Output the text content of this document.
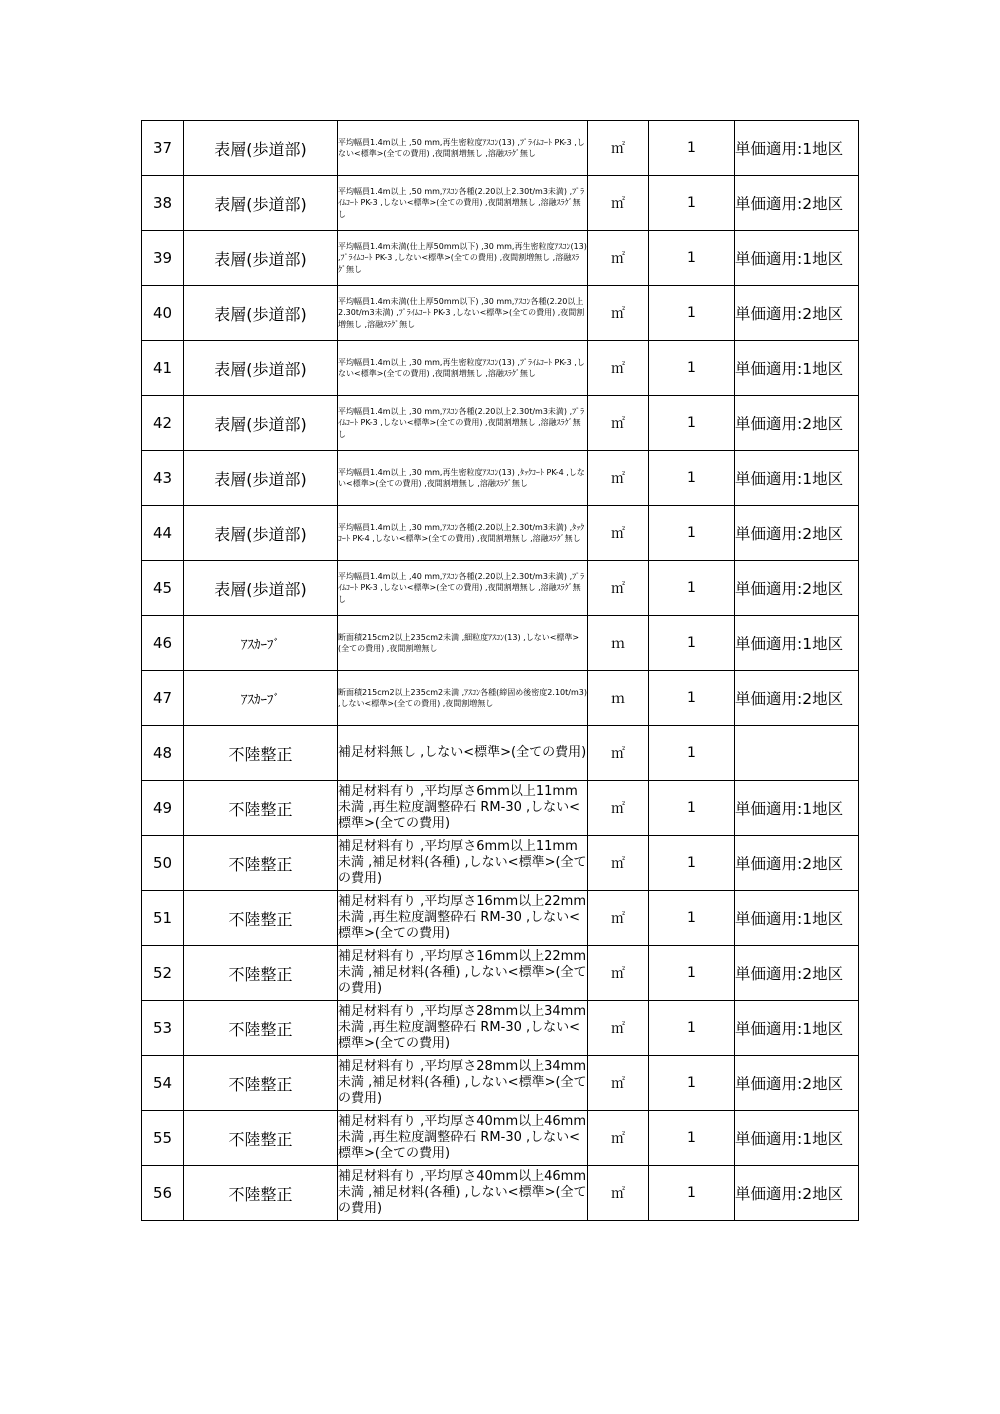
37	表層(歩道部)	平均幅員1.4m以上 ,50 mm,再生密粒度ｱｽｺﾝ(13) ,ﾌﾟﾗｲﾑｺｰﾄ PK-3 ,しない<標準>(全ての費用) ,夜間割増無し ,溶融ｽﾗｸﾞ無し	㎡	1	単価適用:1地区
38	表層(歩道部)	平均幅員1.4m以上 ,50 mm,ｱｽｺﾝ各種(2.20以上2.30t/m3未満) ,ﾌﾟﾗｲﾑｺｰﾄ PK-3 ,しない<標準>(全ての費用) ,夜間割増無し ,溶融ｽﾗｸﾞ無し	㎡	1	単価適用:2地区
39	表層(歩道部)	平均幅員1.4m未満(仕上厚50mm以下) ,30 mm,再生密粒度ｱｽｺﾝ(13) ,ﾌﾟﾗｲﾑｺｰﾄ PK-3 ,しない<標準>(全ての費用) ,夜間割増無し ,溶融ｽﾗｸﾞ無し	㎡	1	単価適用:1地区
40	表層(歩道部)	平均幅員1.4m未満(仕上厚50mm以下) ,30 mm,ｱｽｺﾝ各種(2.20以上2.30t/m3未満) ,ﾌﾟﾗｲﾑｺｰﾄ PK-3 ,しない<標準>(全ての費用) ,夜間割増無し ,溶融ｽﾗｸﾞ無し	㎡	1	単価適用:2地区
41	表層(歩道部)	平均幅員1.4m以上 ,30 mm,再生密粒度ｱｽｺﾝ(13) ,ﾌﾟﾗｲﾑｺｰﾄ PK-3 ,しない<標準>(全ての費用) ,夜間割増無し ,溶融ｽﾗｸﾞ無し	㎡	1	単価適用:1地区
42	表層(歩道部)	平均幅員1.4m以上 ,30 mm,ｱｽｺﾝ各種(2.20以上2.30t/m3未満) ,ﾌﾟﾗｲﾑｺｰﾄ PK-3 ,しない<標準>(全ての費用) ,夜間割増無し ,溶融ｽﾗｸﾞ無し	㎡	1	単価適用:2地区
43	表層(歩道部)	平均幅員1.4m以上 ,30 mm,再生密粒度ｱｽｺﾝ(13) ,ﾀｯｸｺｰﾄ PK-4 ,しない<標準>(全ての費用) ,夜間割増無し ,溶融ｽﾗｸﾞ無し	㎡	1	単価適用:1地区
44	表層(歩道部)	平均幅員1.4m以上 ,30 mm,ｱｽｺﾝ各種(2.20以上2.30t/m3未満) ,ﾀｯｸｺｰﾄ PK-4 ,しない<標準>(全ての費用) ,夜間割増無し ,溶融ｽﾗｸﾞ無し	㎡	1	単価適用:2地区
45	表層(歩道部)	平均幅員1.4m以上 ,40 mm,ｱｽｺﾝ各種(2.20以上2.30t/m3未満) ,ﾌﾟﾗｲﾑｺｰﾄ PK-3 ,しない<標準>(全ての費用) ,夜間割増無し ,溶融ｽﾗｸﾞ無し	㎡	1	単価適用:2地区
46	ｱｽｶｰﾌﾞ	断面積215cm2以上235cm2未満 ,細粒度ｱｽｺﾝ(13) ,しない<標準>(全ての費用) ,夜間割増無し	ｍ	1	単価適用:1地区
47	ｱｽｶｰﾌﾞ	断面積215cm2以上235cm2未満 ,ｱｽｺﾝ各種(締固め後密度2.10t/m3) ,しない<標準>(全ての費用) ,夜間割増無し	ｍ	1	単価適用:2地区
48	不陸整正	補足材料無し ,しない<標準>(全ての費用)	㎡	1	
49	不陸整正	補足材料有り ,平均厚さ6mm以上11mm未満 ,再生粒度調整砕石 RM-30 ,しない<標準>(全ての費用)	㎡	1	単価適用:1地区
50	不陸整正	補足材料有り ,平均厚さ6mm以上11mm未満 ,補足材料(各種) ,しない<標準>(全ての費用)	㎡	1	単価適用:2地区
51	不陸整正	補足材料有り ,平均厚さ16mm以上22mm未満 ,再生粒度調整砕石 RM-30 ,しない<標準>(全ての費用)	㎡	1	単価適用:1地区
52	不陸整正	補足材料有り ,平均厚さ16mm以上22mm未満 ,補足材料(各種) ,しない<標準>(全ての費用)	㎡	1	単価適用:2地区
53	不陸整正	補足材料有り ,平均厚さ28mm以上34mm未満 ,再生粒度調整砕石 RM-30 ,しない<標準>(全ての費用)	㎡	1	単価適用:1地区
54	不陸整正	補足材料有り ,平均厚さ28mm以上34mm未満 ,補足材料(各種) ,しない<標準>(全ての費用)	㎡	1	単価適用:2地区
55	不陸整正	補足材料有り ,平均厚さ40mm以上46mm未満 ,再生粒度調整砕石 RM-30 ,しない<標準>(全ての費用)	㎡	1	単価適用:1地区
56	不陸整正	補足材料有り ,平均厚さ40mm以上46mm未満 ,補足材料(各種) ,しない<標準>(全ての費用)	㎡	1	単価適用:2地区
